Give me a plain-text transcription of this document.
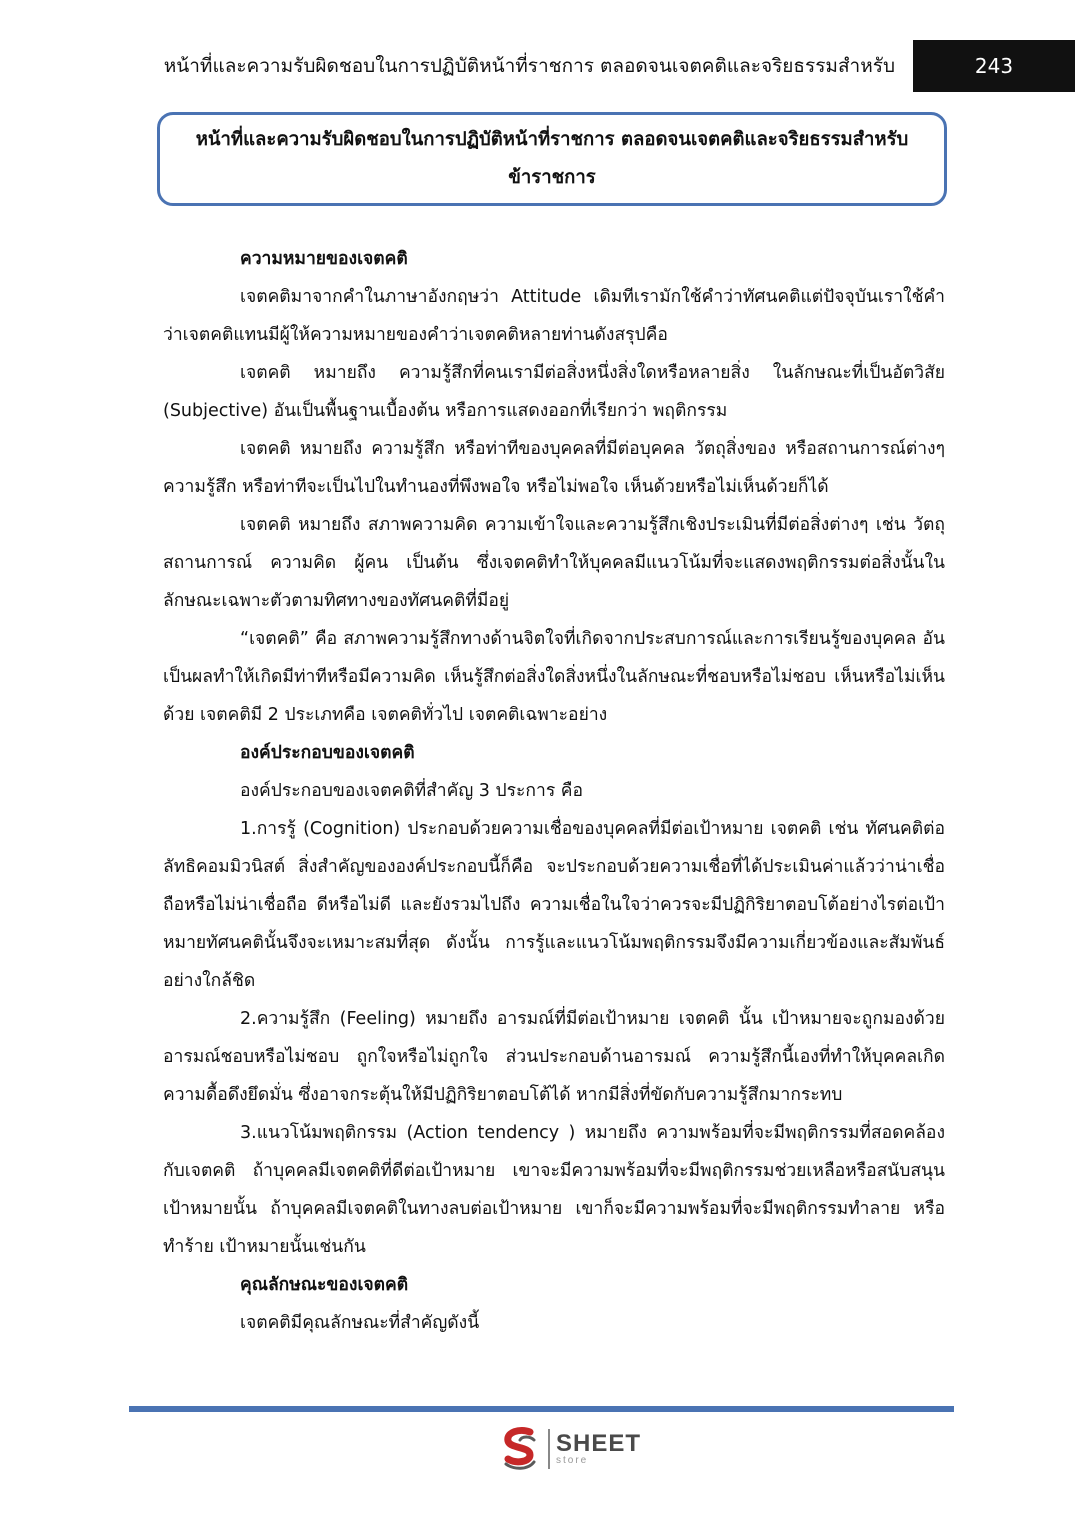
หน้าที่และความรับผิดชอบในการปฏิบัติหน้าที่ราชการ ตลอดจนเจตคติและจริยธรรมสำหรับ	243
หน้าที่และความรับผิดชอบในการปฏิบัติหน้าที่ราชการ ตลอดจนเจตคติและจริยธรรมสำหรับ
ข้าราชการ

ความหมายของเจตคติ

เจตคติมาจากคำในภาษาอังกฤษว่า Attitude เดิมทีเรามักใช้คำว่าทัศนคติแต่ปัจจุบันเราใช้คำว่าเจตคติแทนมีผู้ให้ความหมายของคำว่าเจตคติหลายท่านดังสรุปคือ

เจตคติ หมายถึง ความรู้สึกที่คนเรามีต่อสิ่งหนึ่งสิ่งใดหรือหลายสิ่ง ในลักษณะที่เป็นอัตวิสัย (Subjective) อันเป็นพื้นฐานเบื้องต้น หรือการแสดงออกที่เรียกว่า พฤติกรรม

เจตคติ หมายถึง ความรู้สึก หรือท่าทีของบุคคลที่มีต่อบุคคล วัตถุสิ่งของ หรือสถานการณ์ต่างๆ ความรู้สึก หรือท่าทีจะเป็นไปในทำนองที่พึงพอใจ หรือไม่พอใจ เห็นด้วยหรือไม่เห็นด้วยก็ได้

เจตคติ หมายถึง สภาพความคิด ความเข้าใจและความรู้สึกเชิงประเมินที่มีต่อสิ่งต่างๆ เช่น วัตถุ สถานการณ์ ความคิด ผู้คน เป็นต้น ซึ่งเจตคติทำให้บุคคลมีแนวโน้มที่จะแสดงพฤติกรรมต่อสิ่งนั้นในลักษณะเฉพาะตัวตามทิศทางของทัศนคติที่มีอยู่

“เจตคติ” คือ สภาพความรู้สึกทางด้านจิตใจที่เกิดจากประสบการณ์และการเรียนรู้ของบุคคล อันเป็นผลทำให้เกิดมีท่าทีหรือมีความคิด เห็นรู้สึกต่อสิ่งใดสิ่งหนึ่งในลักษณะที่ชอบหรือไม่ชอบ เห็นหรือไม่เห็นด้วย เจตคติมี 2 ประเภทคือ เจตคติทั่วไป เจตคติเฉพาะอย่าง

องค์ประกอบของเจตคติ

องค์ประกอบของเจตคติที่สำคัญ 3 ประการ คือ

1.การรู้ (Cognition) ประกอบด้วยความเชื่อของบุคคลที่มีต่อเป้าหมาย เจตคติ เช่น ทัศนคติต่อลัทธิคอมมิวนิสต์ สิ่งสำคัญขององค์ประกอบนี้ก็คือ จะประกอบด้วยความเชื่อที่ได้ประเมินค่าแล้วว่าน่าเชื่อถือหรือไม่น่าเชื่อถือ ดีหรือไม่ดี และยังรวมไปถึง ความเชื่อในใจว่าควรจะมีปฏิกิริยาตอบโต้อย่างไรต่อเป้าหมายทัศนคตินั้นจึงจะเหมาะสมที่สุด ดังนั้น การรู้และแนวโน้มพฤติกรรมจึงมีความเกี่ยวข้องและสัมพันธ์อย่างใกล้ชิด

2.ความรู้สึก (Feeling) หมายถึง อารมณ์ที่มีต่อเป้าหมาย เจตคติ นั้น เป้าหมายจะถูกมองด้วยอารมณ์ชอบหรือไม่ชอบ ถูกใจหรือไม่ถูกใจ ส่วนประกอบด้านอารมณ์ ความรู้สึกนี้เองที่ทำให้บุคคลเกิดความดื้อดึงยึดมั่น ซึ่งอาจกระตุ้นให้มีปฏิกิริยาตอบโต้ได้ หากมีสิ่งที่ขัดกับความรู้สึกมากระทบ

3.แนวโน้มพฤติกรรม (Action tendency ) หมายถึง ความพร้อมที่จะมีพฤติกรรมที่สอดคล้องกับเจตคติ ถ้าบุคคลมีเจตคติที่ดีต่อเป้าหมาย เขาจะมีความพร้อมที่จะมีพฤติกรรมช่วยเหลือหรือสนับสนุนเป้าหมายนั้น ถ้าบุคคลมีเจตคติในทางลบต่อเป้าหมาย เขาก็จะมีความพร้อมที่จะมีพฤติกรรมทำลาย หรือทำร้าย เป้าหมายนั้นเช่นกัน

คุณลักษณะของเจตคติ

เจตคติมีคุณลักษณะที่สำคัญดังนี้

SHEET
store
